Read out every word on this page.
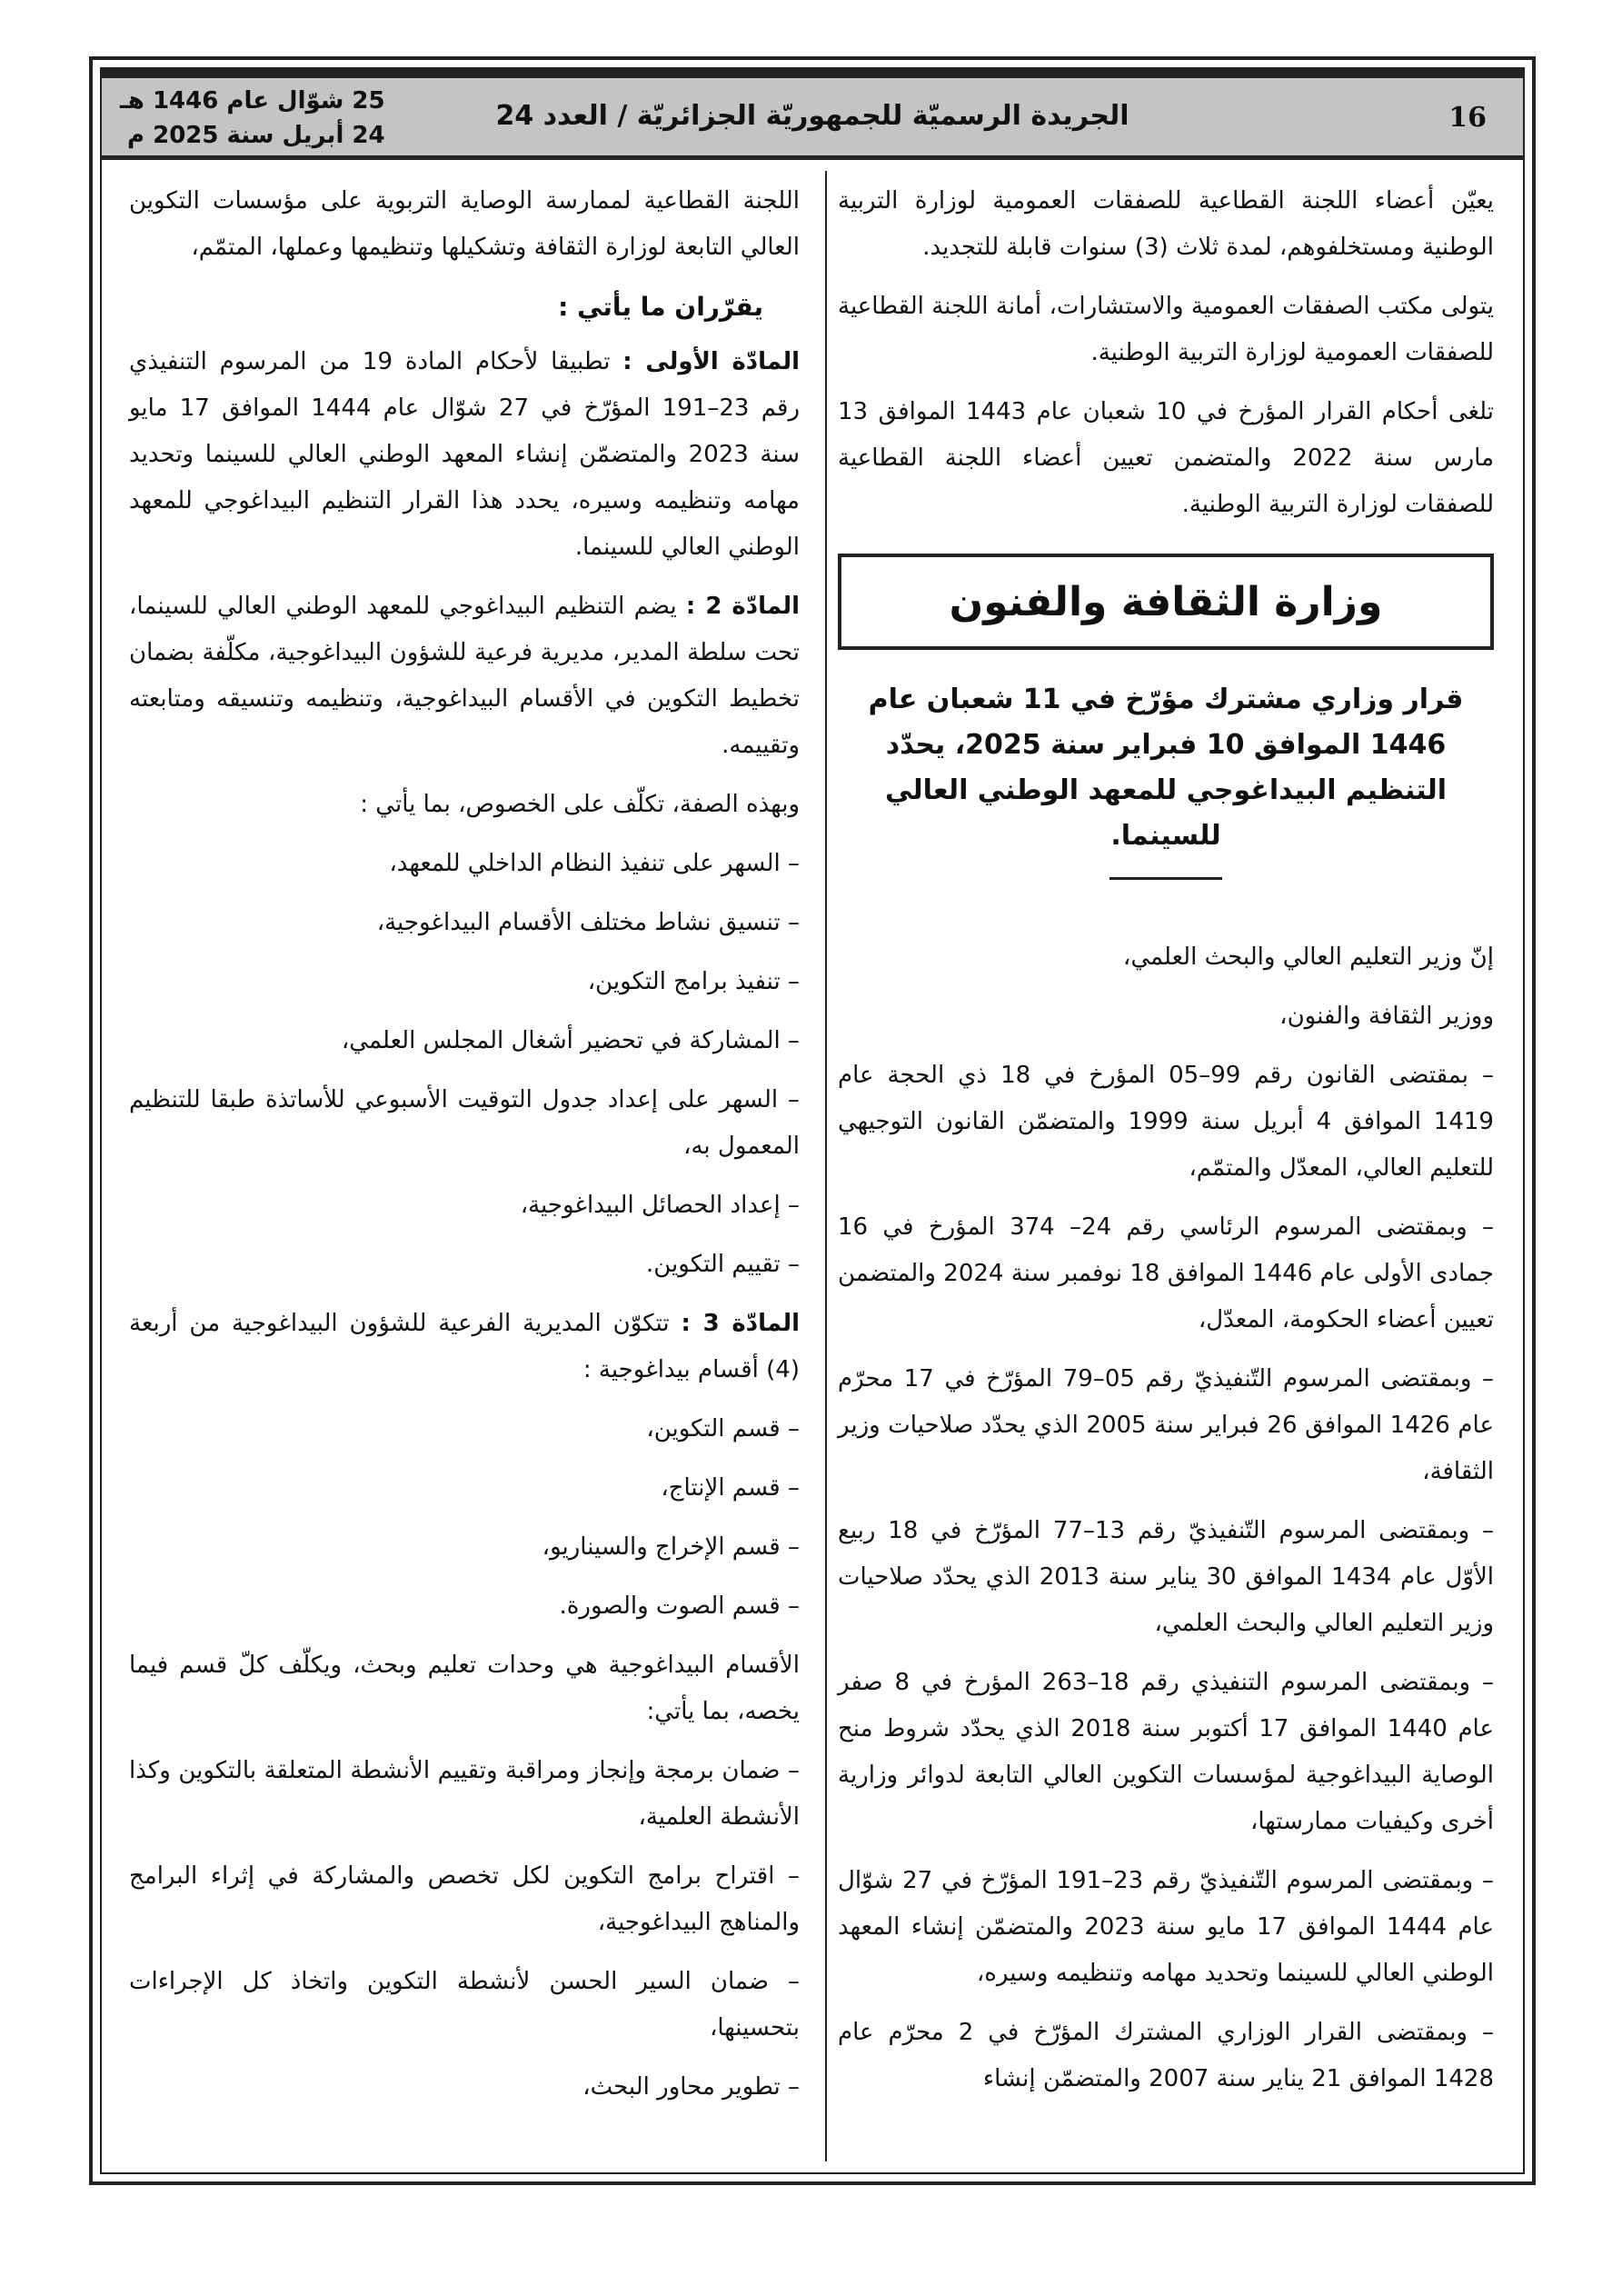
16
الجريدة الرسميّة للجمهوريّة الجزائريّة / العدد 24
25 شوّال عام 1446 هـ
24 أبريل سنة 2025 م

يعيّن أعضاء اللجنة القطاعية للصفقات العمومية لوزارة التربية الوطنية ومستخلفوهم، لمدة ثلاث (3) سنوات قابلة للتجديد.

يتولى مكتب الصفقات العمومية والاستشارات، أمانة اللجنة القطاعية للصفقات العمومية لوزارة التربية الوطنية.

تلغى أحكام القرار المؤرخ في 10 شعبان عام 1443 الموافق 13 مارس سنة 2022 والمتضمن تعيين أعضاء اللجنة القطاعية للصفقات لوزارة التربية الوطنية.

وزارة الثقافة والفنون
قرار وزاري مشترك مؤرّخ في 11 شعبان عام 1446 الموافق 10 فبراير سنة 2025، يحدّد التنظيم البيداغوجي للمعهد الوطني العالي للسينما.

إنّ وزير التعليم العالي والبحث العلمي،

ووزير الثقافة والفنون،

– بمقتضى القانون رقم 99–05 المؤرخ في 18 ذي الحجة عام 1419 الموافق 4 أبريل سنة 1999 والمتضمّن القانون التوجيهي للتعليم العالي، المعدّل والمتمّم،

– وبمقتضى المرسوم الرئاسي رقم 24– 374 المؤرخ في 16 جمادى الأولى عام 1446 الموافق 18 نوفمبر سنة 2024 والمتضمن تعيين أعضاء الحكومة، المعدّل،

– وبمقتضى المرسوم التّنفيذيّ رقم 05–79 المؤرّخ في 17 محرّم عام 1426 الموافق 26 فبراير سنة 2005 الذي يحدّد صلاحيات وزير الثقافة،

– وبمقتضى المرسوم التّنفيذيّ رقم 13–77 المؤرّخ في 18 ربيع الأوّل عام 1434 الموافق 30 يناير سنة 2013 الذي يحدّد صلاحيات وزير التعليم العالي والبحث العلمي،

– وبمقتضى المرسوم التنفيذي رقم 18–263 المؤرخ في 8 صفر عام 1440 الموافق 17 أكتوبر سنة 2018 الذي يحدّد شروط منح الوصاية البيداغوجية لمؤسسات التكوين العالي التابعة لدوائر وزارية أخرى وكيفيات ممارستها،

– وبمقتضى المرسوم التّنفيذيّ رقم 23–191 المؤرّخ في 27 شوّال عام 1444 الموافق 17 مايو سنة 2023 والمتضمّن إنشاء المعهد الوطني العالي للسينما وتحديد مهامه وتنظيمه وسيره،

– وبمقتضى القرار الوزاري المشترك المؤرّخ في 2 محرّم عام 1428 الموافق 21 يناير سنة 2007 والمتضمّن إنشاء

اللجنة القطاعية لممارسة الوصاية التربوية على مؤسسات التكوين العالي التابعة لوزارة الثقافة وتشكيلها وتنظيمها وعملها، المتمّم،

يقرّران ما يأتي :

المادّة الأولى : تطبيقا لأحكام المادة 19 من المرسوم التنفيذي رقم 23–191 المؤرّخ في 27 شوّال عام 1444 الموافق 17 مايو سنة 2023 والمتضمّن إنشاء المعهد الوطني العالي للسينما وتحديد مهامه وتنظيمه وسيره، يحدد هذا القرار التنظيم البيداغوجي للمعهد الوطني العالي للسينما.

المادّة 2 : يضم التنظيم البيداغوجي للمعهد الوطني العالي للسينما، تحت سلطة المدير، مديرية فرعية للشؤون البيداغوجية، مكلّفة بضمان تخطيط التكوين في الأقسام البيداغوجية، وتنظيمه وتنسيقه ومتابعته وتقييمه.

وبهذه الصفة، تكلّف على الخصوص، بما يأتي :

– السهر على تنفيذ النظام الداخلي للمعهد،

– تنسيق نشاط مختلف الأقسام البيداغوجية،

– تنفيذ برامج التكوين،

– المشاركة في تحضير أشغال المجلس العلمي،

– السهر على إعداد جدول التوقيت الأسبوعي للأساتذة طبقا للتنظيم المعمول به،

– إعداد الحصائل البيداغوجية،

– تقييم التكوين.

المادّة 3 : تتكوّن المديرية الفرعية للشؤون البيداغوجية من أربعة (4) أقسام بيداغوجية :

– قسم التكوين،

– قسم الإنتاج،

– قسم الإخراج والسيناريو،

– قسم الصوت والصورة.

الأقسام البيداغوجية هي وحدات تعليم وبحث، ويكلّف كلّ قسم فيما يخصه، بما يأتي:

– ضمان برمجة وإنجاز ومراقبة وتقييم الأنشطة المتعلقة بالتكوين وكذا الأنشطة العلمية،

– اقتراح برامج التكوين لكل تخصص والمشاركة في إثراء البرامج والمناهج البيداغوجية،

– ضمان السير الحسن لأنشطة التكوين واتخاذ كل الإجراءات بتحسينها،

– تطوير محاور البحث،
